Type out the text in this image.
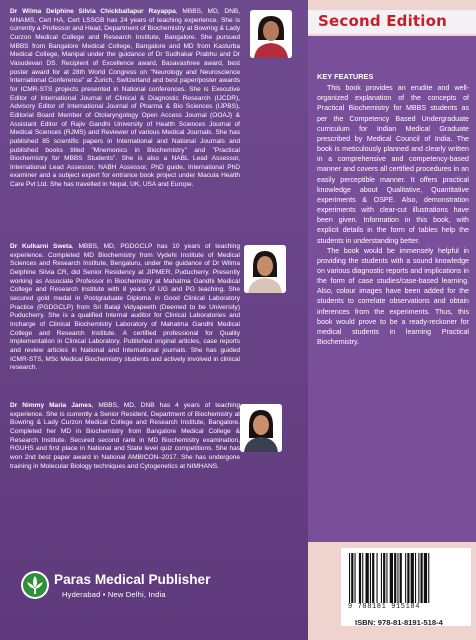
Second Edition
KEY FEATURES

This book provides an erudite and well-organized explanation of the concepts of Practical Biochemistry for MBBS students as per the Competency Based Undergraduate curriculum for Indian Medical Graduate prescribed by Medical Council of India. The book is meticulously planned and clearly written in a comprehensive and competency-based manner and covers all certified procedures in an easily perceptible manner. It offers practical knowledge about Qualitative, Quantitative experiments & OSPE. Also, demonstration experiments with clear-cut illustrations have been given. Information in this book, with explicit details in the form of tables help the students in understanding better.

The book would be immensely helpful in providing the students with a sound knowledge on various diagnostic reports and implications in the form of case studies/case-based learning. Also, colour images have been added for the students to correlate observations and obtain inferences from the experiments. Thus, this book would prove to be a ready-reckoner for medical students in learning Practical Biochemistry.

Dr Wilma Delphine Silvia Chickballapur Rayappa, MBBS, MD, DNB, MNAMS, Cert HA, Cert LSSGB has 24 years of teaching experience. She is currently a Professor and Head, Department of Biochemistry at Bowring & Lady Curzon Medical College and Research Institute, Bangalore. She pursued MBBS from Bangalore Medical College, Bangalore and MD from Kasturba Medical College, Manipal under the guidance of Dr Sudhakar Prabhu and Dr Vasudevan DS. Recipient of Excellence award, Basavashree award, best poster award for at 28th World Congress on "Neurology and Neuroscience International Conference" at Zurich, Switzerland and best paper/poster awards for ICMR-STS projects presented in National conferences. She is Executive Editor of International Journal of Clinical & Diagnostic Research (IJCDR), Advisory Editor of International Journal of Pharma & Bio Sciences (IJPBS), Editorial Board Member of Otolaryngology Open Access Journal (OOAJ) & Assistant Editor of Rajiv Gandhi University of Health Sciences Journal of Medical Sciences (RJMS) and Reviewer of various Medical Journals. She has published 85 scientific papers in International and National Journals and published books titled "Mnemonics in Biochemistry" and "Practical Biochemistry for MBBS Students". She is also a NABL Lead Assessor, International Lead Assessor, NABH Assessor, PhD guide, International PhD examiner and a subject expert for entrance book project under Macula Health Care Pvt Ltd. She has travelled in Nepal, UK, USA and Europe.
Dr Kulkarni Sweta, MBBS, MD, PGDGCLP has 10 years of teaching experience. Completed MD Biochemistry from Vydehi Institute of Medical Sciences and Research Institute, Bengaluru, under the guidance of Dr Wilma Delphine Silvia CR, did Senior Residency at JIPMER, Puducherry. Presently working as Associate Professor in Biochemistry at Mahatma Gandhi Medical College and Research Institute with 8 years of UG and PG teaching. She secured gold medal in Postgraduate Diploma in Good Clinical Laboratory Practice (PGDGCLP) from Sri Balaji Vidyapeeth (Deemed to be University) Puducherry. She is a qualified Internal auditor for Clinical Laboratories and Incharge of Clinical Biochemistry Laboratory of Mahatma Gandhi Medical College and Research Institute. A certified professional for Quality Implementation in Clinical Laboratory. Published original articles, case reports and review articles in National and International journals. She has guided ICMR-STS, MSc Medical Biochemistry students and actively involved in clinical research.
Dr Nimmy Maria James, MBBS, MD, DNB has 4 years of teaching experience. She is currently a Senior Resident, Department of Biochemistry at Bowring & Lady Curzon Medical College and Research Institute, Bangalore. Completed her MD in Biochemistry from Bangalore Medical College & Research Institute. Secured second rank in MD Biochemistry examination, RGUHS and first place in National and State level quiz competitions. She has won 2nd best paper award in National AMBICON–2017. She has undergone training in Molecular Biology techniques and Cytogenetics at NIMHANS.
Paras Medical Publisher
Hyderabad • New Delhi, India
9 788181 915184
ISBN: 978-81-8191-518-4
